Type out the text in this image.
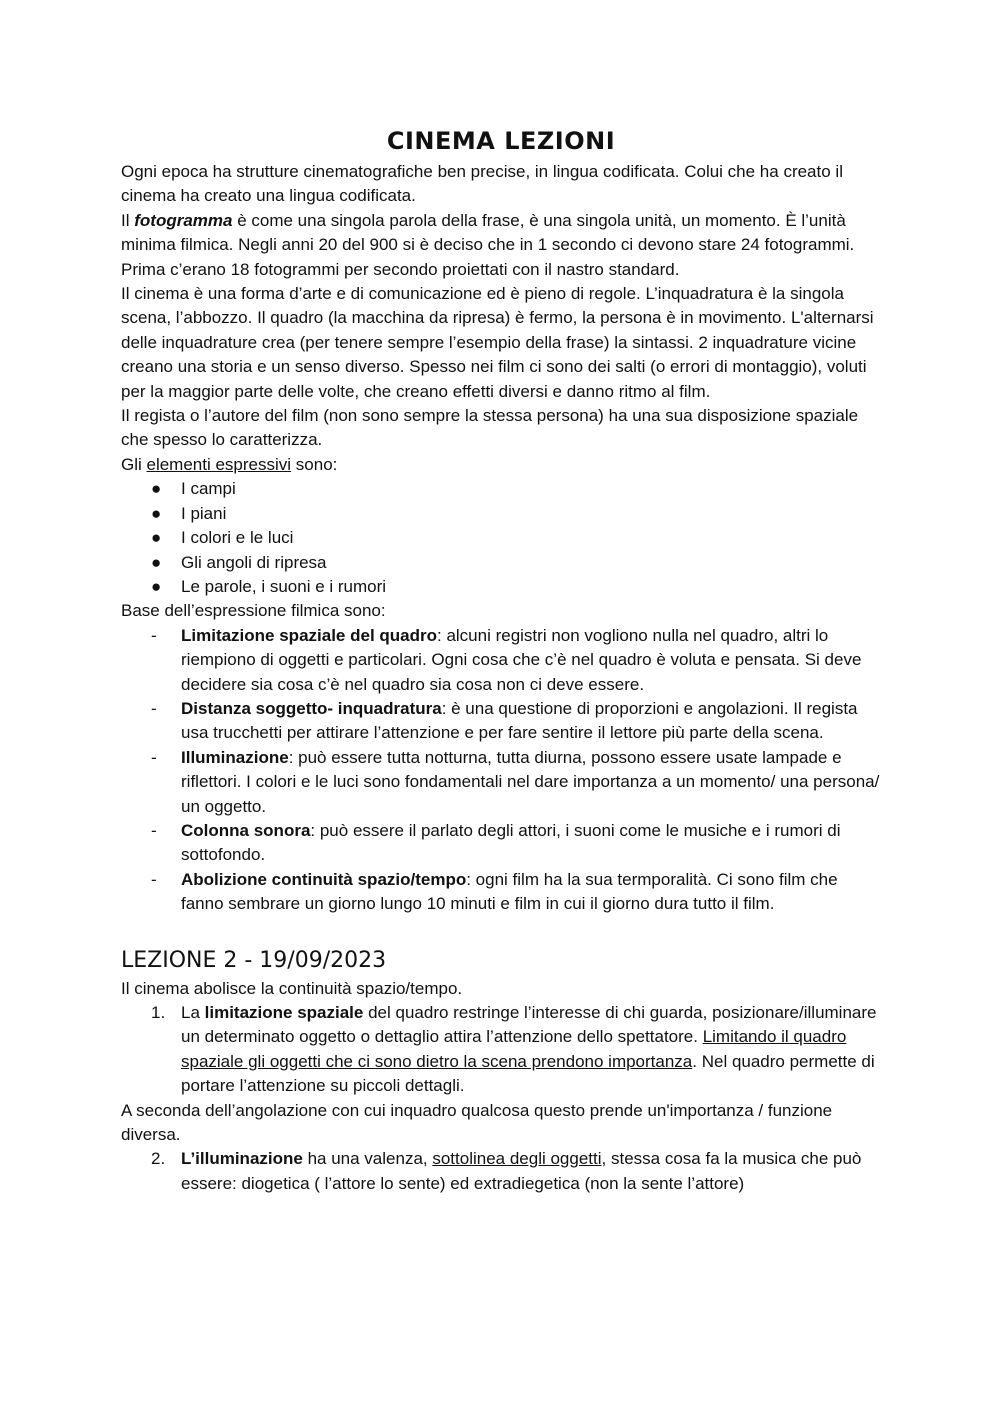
CINEMA LEZIONI

Ogni epoca ha strutture cinematografiche ben precise, in lingua codificata. Colui che ha creato il cinema ha creato una lingua codificata.

Il fotogramma è come una singola parola della frase, è una singola unità, un momento. È l’unità minima filmica. Negli anni 20 del 900 si è deciso che in 1 secondo ci devono stare 24 fotogrammi. Prima c’erano 18 fotogrammi per secondo proiettati con il nastro standard.

Il cinema è una forma d’arte e di comunicazione ed è pieno di regole. L’inquadratura è la singola scena, l’abbozzo. Il quadro (la macchina da ripresa) è fermo, la persona è in movimento. L'alternarsi delle inquadrature crea (per tenere sempre l’esempio della frase) la sintassi. 2 inquadrature vicine creano una storia e un senso diverso. Spesso nei film ci sono dei salti (o errori di montaggio), voluti per la maggior parte delle volte, che creano effetti diversi e danno ritmo al film.

Il regista o l’autore del film (non sono sempre la stessa persona) ha una sua disposizione spaziale che spesso lo caratterizza.

Gli elementi espressivi sono:

● I campi
● I piani
● I colori e le luci
● Gli angoli di ripresa
● Le parole, i suoni e i rumori

Base dell’espressione filmica sono:

- Limitazione spaziale del quadro: alcuni registri non vogliono nulla nel quadro, altri lo riempiono di oggetti e particolari. Ogni cosa che c’è nel quadro è voluta e pensata. Si deve decidere sia cosa c’è nel quadro sia cosa non ci deve essere.
- Distanza soggetto- inquadratura: è una questione di proporzioni e angolazioni. Il regista usa trucchetti per attirare l’attenzione e per fare sentire il lettore più parte della scena.
- Illuminazione: può essere tutta notturna, tutta diurna, possono essere usate lampade e riflettori. I colori e le luci sono fondamentali nel dare importanza a un momento/ una persona/ un oggetto.
- Colonna sonora: può essere il parlato degli attori, i suoni come le musiche e i rumori di sottofondo.
- Abolizione continuità spazio/tempo: ogni film ha la sua termporalità. Ci sono film che fanno sembrare un giorno lungo 10 minuti e film in cui il giorno dura tutto il film.
LEZIONE 2 - 19/09/2023

Il cinema abolisce la continuità spazio/tempo.

1. La limitazione spaziale del quadro restringe l’interesse di chi guarda, posizionare/illuminare un determinato oggetto o dettaglio attira l’attenzione dello spettatore. Limitando il quadro spaziale gli oggetti che ci sono dietro la scena prendono importanza. Nel quadro permette di portare l’attenzione su piccoli dettagli.

A seconda dell’angolazione con cui inquadro qualcosa questo prende un'importanza / funzione diversa.

2. L’illuminazione ha una valenza, sottolinea degli oggetti, stessa cosa fa la musica che può essere: diogetica ( l’attore lo sente) ed extradiegetica (non la sente l’attore)
